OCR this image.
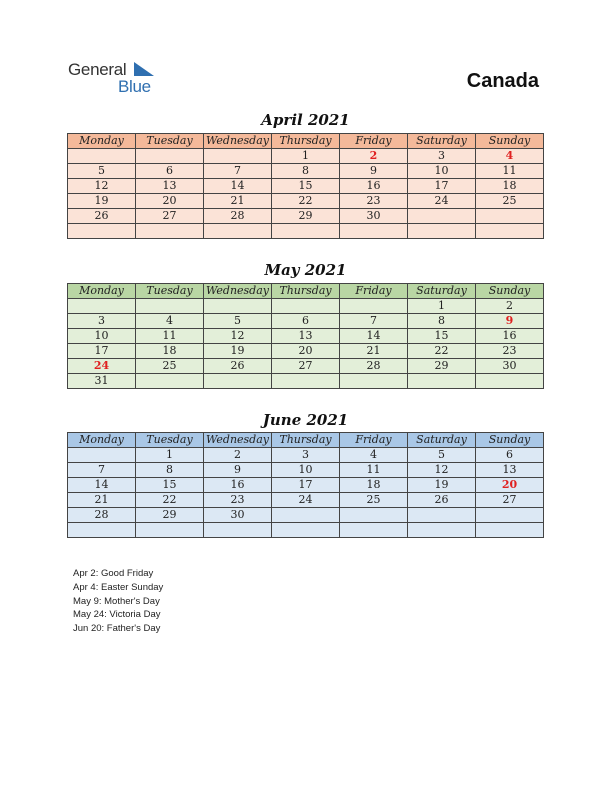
General
Blue	Canada
April 2021
Monday	Tuesday	Wednesday	Thursday	Friday	Saturday	Sunday
			1	2	3	4
5	6	7	8	9	10	11
12	13	14	15	16	17	18
19	20	21	22	23	24	25
26	27	28	29	30		

May 2021
Monday	Tuesday	Wednesday	Thursday	Friday	Saturday	Sunday
					1	2
3	4	5	6	7	8	9
10	11	12	13	14	15	16
17	18	19	20	21	22	23
24	25	26	27	28	29	30
31						
June 2021
Monday	Tuesday	Wednesday	Thursday	Friday	Saturday	Sunday
	1	2	3	4	5	6
7	8	9	10	11	12	13
14	15	16	17	18	19	20
21	22	23	24	25	26	27
28	29	30				

Apr 2: Good Friday
Apr 4: Easter Sunday
May 9: Mother's Day
May 24: Victoria Day
Jun 20: Father's Day
